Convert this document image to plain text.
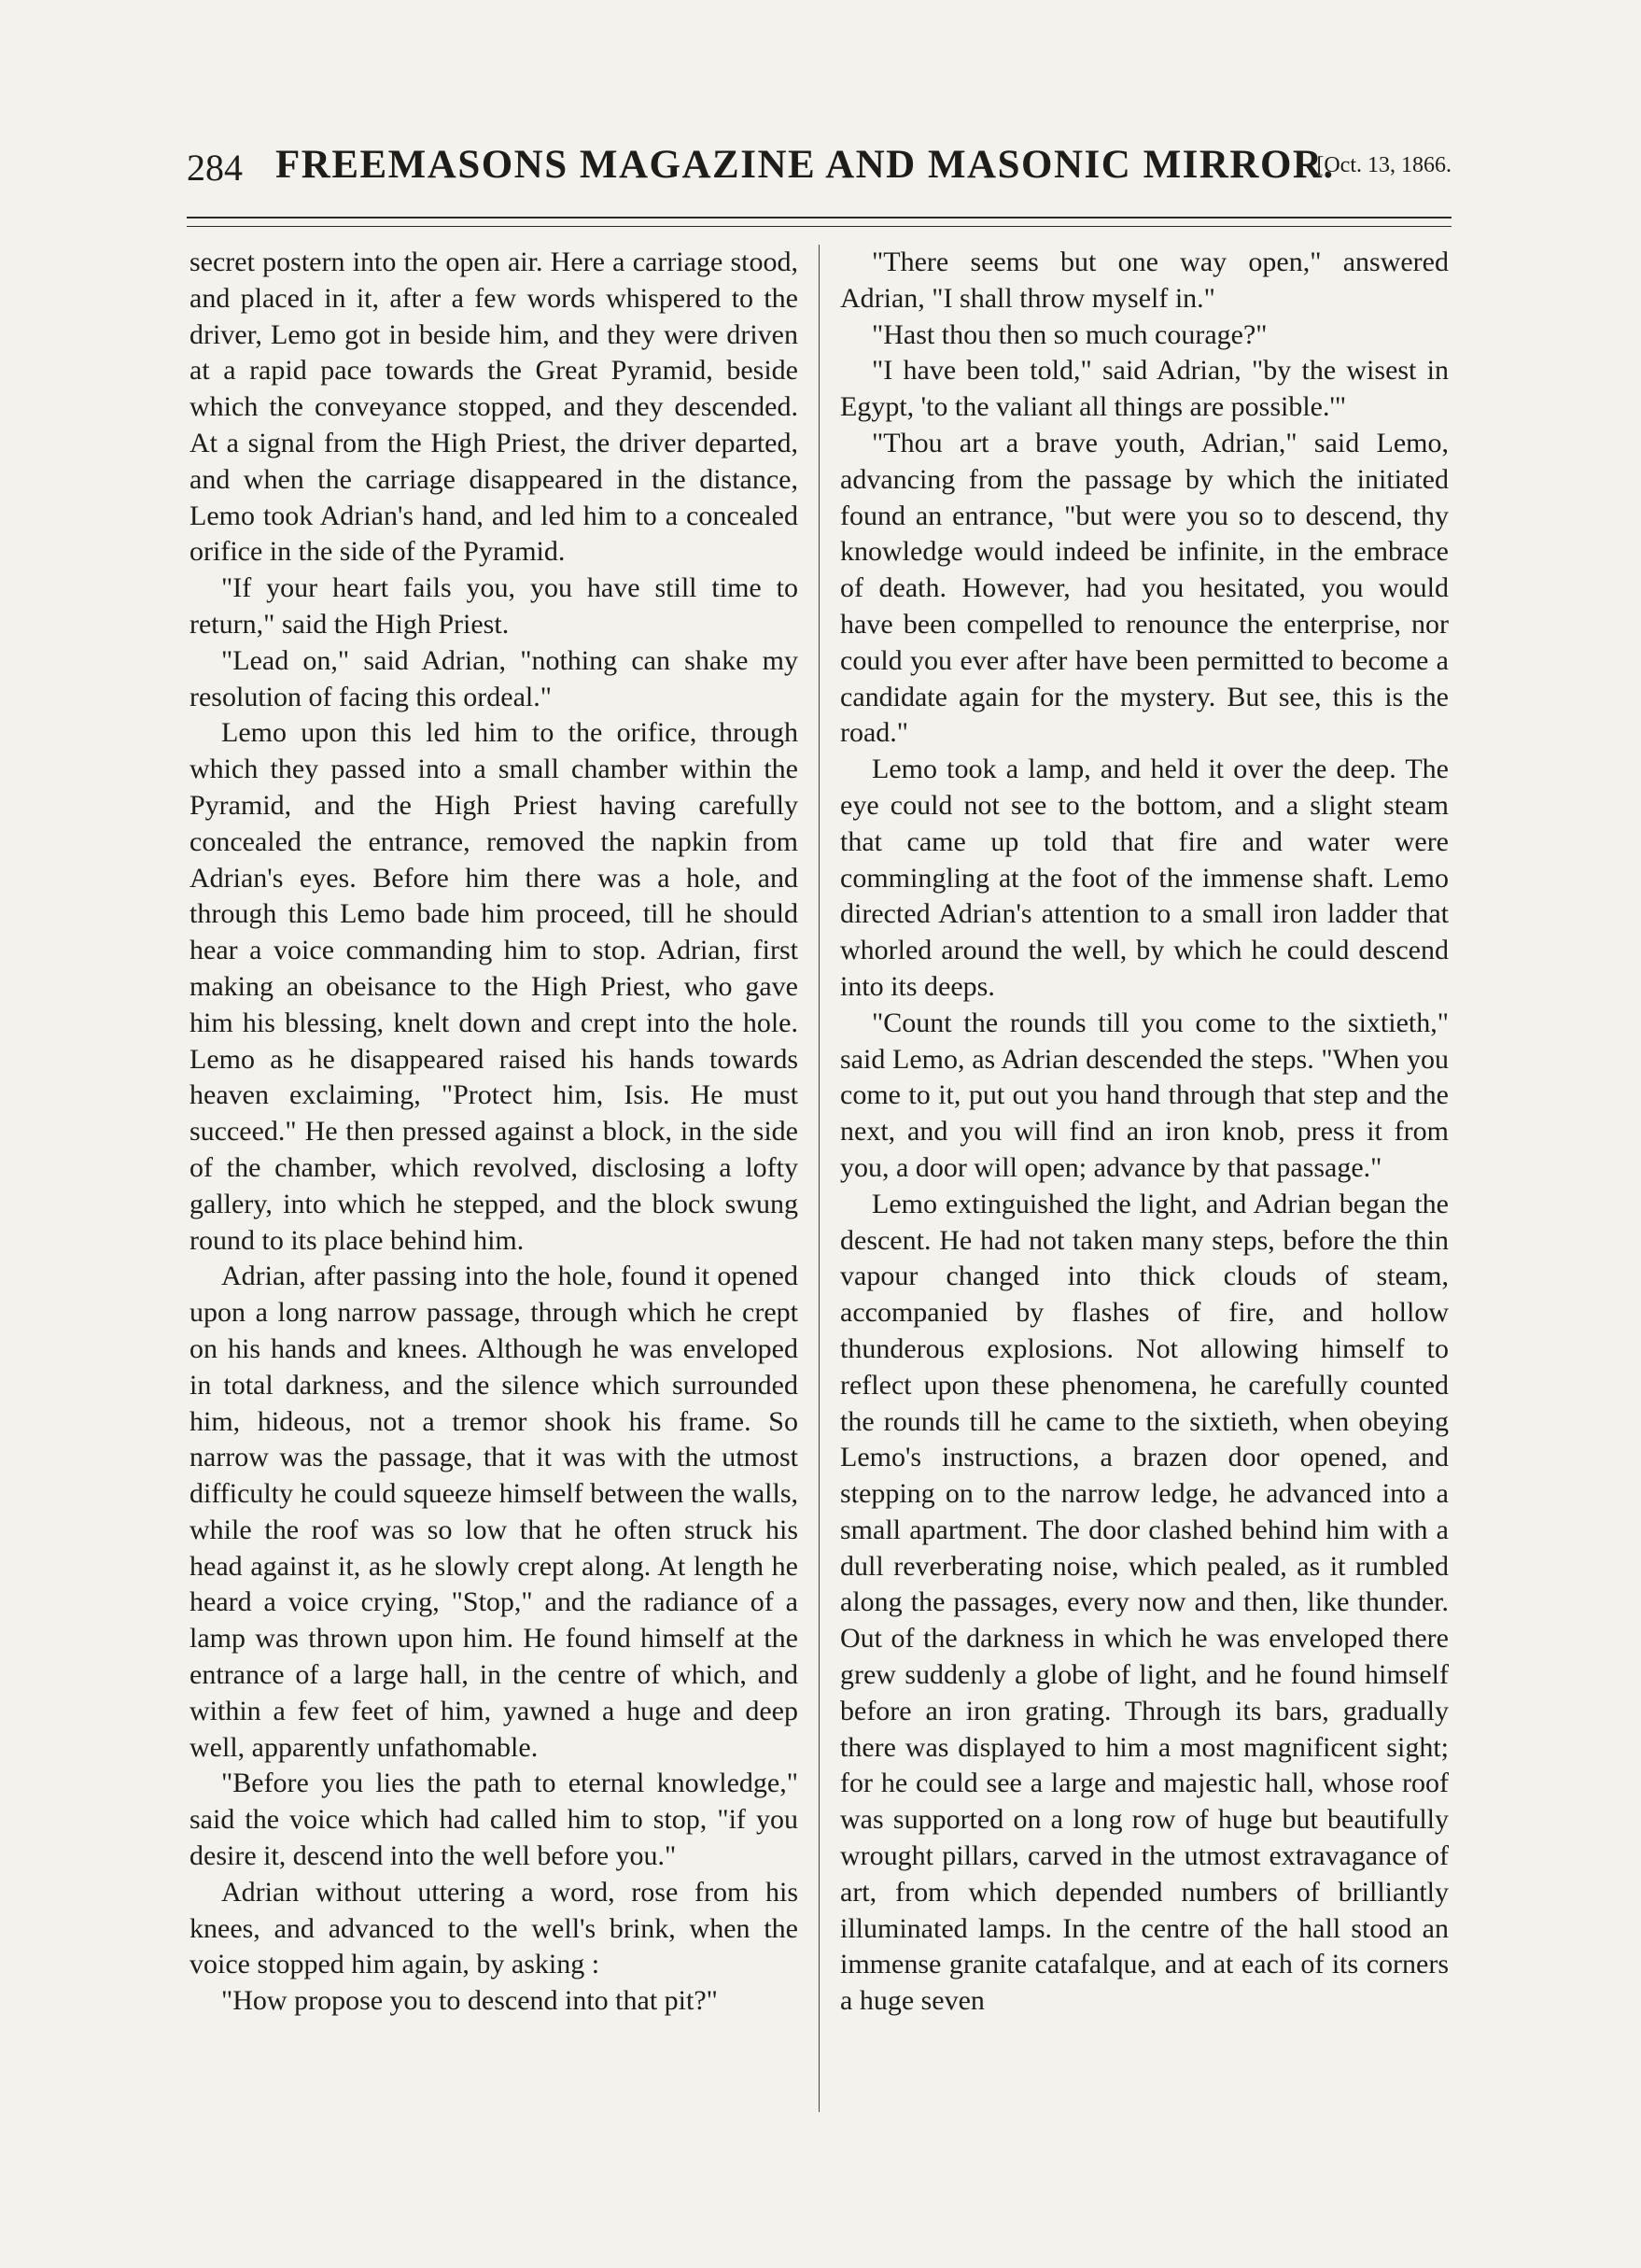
284 FREEMASONS MAGAZINE AND MASONIC MIRROR.
[Oct. 13, 1866.

secret postern into the open air. Here a carriage stood, and placed in it, after a few words whispered to the driver, Lemo got in beside him, and they were driven at a rapid pace towards the Great Pyramid, beside which the conveyance stopped, and they descended. At a signal from the High Priest, the driver departed, and when the carriage disappeared in the distance, Lemo took Adrian's hand, and led him to a concealed orifice in the side of the Pyramid.

"If your heart fails you, you have still time to return," said the High Priest.

"Lead on," said Adrian, "nothing can shake my resolution of facing this ordeal."

Lemo upon this led him to the orifice, through which they passed into a small chamber within the Pyramid, and the High Priest having carefully concealed the entrance, removed the napkin from Adrian's eyes. Before him there was a hole, and through this Lemo bade him proceed, till he should hear a voice commanding him to stop. Adrian, first making an obeisance to the High Priest, who gave him his blessing, knelt down and crept into the hole. Lemo as he disappeared raised his hands towards heaven exclaiming, "Protect him, Isis. He must succeed." He then pressed against a block, in the side of the chamber, which revolved, disclosing a lofty gallery, into which he stepped, and the block swung round to its place behind him.

Adrian, after passing into the hole, found it opened upon a long narrow passage, through which he crept on his hands and knees. Although he was enveloped in total darkness, and the silence which surrounded him, hideous, not a tremor shook his frame. So narrow was the passage, that it was with the utmost difficulty he could squeeze himself between the walls, while the roof was so low that he often struck his head against it, as he slowly crept along. At length he heard a voice crying, "Stop," and the radiance of a lamp was thrown upon him. He found himself at the entrance of a large hall, in the centre of which, and within a few feet of him, yawned a huge and deep well, apparently unfathomable.

"Before you lies the path to eternal knowledge," said the voice which had called him to stop, "if you desire it, descend into the well before you."

Adrian without uttering a word, rose from his knees, and advanced to the well's brink, when the voice stopped him again, by asking :

"How propose you to descend into that pit?"

"There seems but one way open," answered Adrian, "I shall throw myself in."

"Hast thou then so much courage?"

"I have been told," said Adrian, "by the wisest in Egypt, 'to the valiant all things are possible.'"

"Thou art a brave youth, Adrian," said Lemo, advancing from the passage by which the initiated found an entrance, "but were you so to descend, thy knowledge would indeed be infinite, in the embrace of death. However, had you hesitated, you would have been compelled to renounce the enterprise, nor could you ever after have been permitted to become a candidate again for the mystery. But see, this is the road."

Lemo took a lamp, and held it over the deep. The eye could not see to the bottom, and a slight steam that came up told that fire and water were commingling at the foot of the immense shaft. Lemo directed Adrian's attention to a small iron ladder that whorled around the well, by which he could descend into its deeps.

"Count the rounds till you come to the sixtieth," said Lemo, as Adrian descended the steps. "When you come to it, put out you hand through that step and the next, and you will find an iron knob, press it from you, a door will open; advance by that passage."

Lemo extinguished the light, and Adrian began the descent. He had not taken many steps, before the thin vapour changed into thick clouds of steam, accompanied by flashes of fire, and hollow thunderous explosions. Not allowing himself to reflect upon these phenomena, he carefully counted the rounds till he came to the sixtieth, when obeying Lemo's instructions, a brazen door opened, and stepping on to the narrow ledge, he advanced into a small apartment. The door clashed behind him with a dull reverberating noise, which pealed, as it rumbled along the passages, every now and then, like thunder. Out of the darkness in which he was enveloped there grew suddenly a globe of light, and he found himself before an iron grating. Through its bars, gradually there was displayed to him a most magnificent sight; for he could see a large and majestic hall, whose roof was supported on a long row of huge but beautifully wrought pillars, carved in the utmost extravagance of art, from which depended numbers of brilliantly illuminated lamps. In the centre of the hall stood an immense granite catafalque, and at each of its corners a huge seven
